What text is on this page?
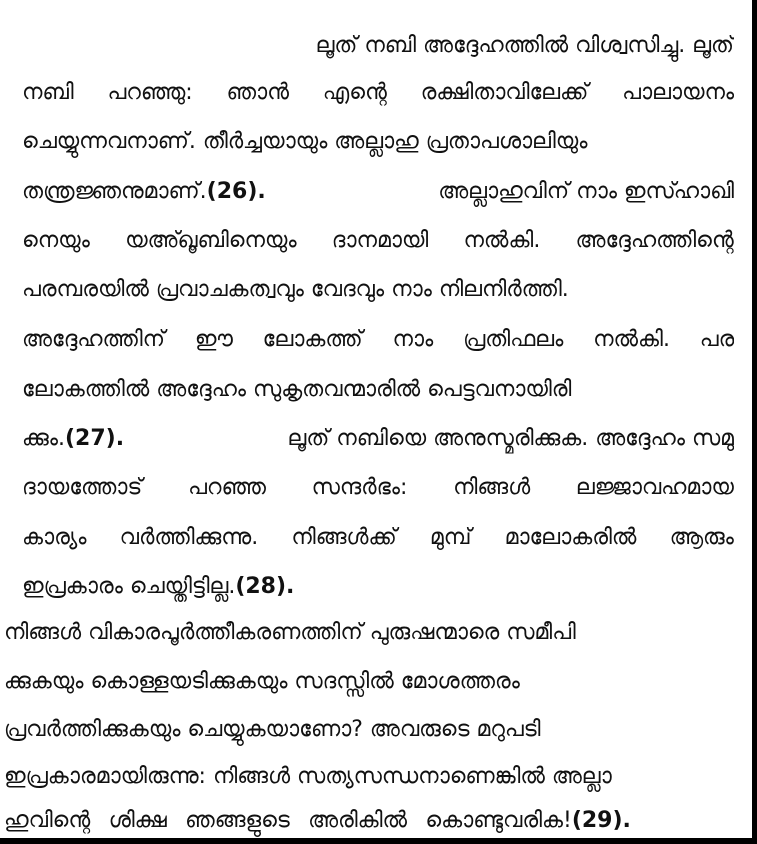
ലൂത് നബി അദ്ദേഹത്തിൽ വിശ്വസിച്ചു. ലൂത്
നബി പറഞ്ഞു: ഞാൻ എന്റെ രക്ഷിതാവിലേക്ക് പാലായനം
ചെയ്യുന്നവനാണ്. തീർച്ചയായും അല്ലാഹു പ്രതാപശാലിയും
തന്ത്രജ്ഞനുമാണ്.(26).	അല്ലാഹുവിന് നാം ഇസ്ഹാഖി
നെയും യഅ്ഖൂബിനെയും ദാനമായി നൽകി. അദ്ദേഹത്തിന്റെ
പരമ്പരയിൽ പ്രവാചകത്വവും വേദവും നാം നിലനിർത്തി.
അദ്ദേഹത്തിന് ഈ ലോകത്ത് നാം പ്രതിഫലം നൽകി. പര
ലോകത്തിൽ അദ്ദേഹം സുകൃതവന്മാരിൽ പെട്ടവനായിരി
ക്കും.(27).	ലൂത് നബിയെ അനുസ്മരിക്കുക. അദ്ദേഹം സമു
ദായത്തോട് പറഞ്ഞ സന്ദർഭം: നിങ്ങൾ ലജ്ജാവഹമായ
കാര്യം വർത്തിക്കുന്നു. നിങ്ങൾക്ക് മുമ്പ് മാലോകരിൽ ആരും
ഇപ്രകാരം ചെയ്തിട്ടില്ല.(28).
നിങ്ങൾ വികാരപൂർത്തീകരണത്തിന് പുരുഷന്മാരെ സമീപി
ക്കുകയും കൊള്ളയടിക്കുകയും സദസ്സിൽ മോശത്തരം
പ്രവർത്തിക്കുകയും ചെയ്യുകയാണോ? അവരുടെ മറുപടി
ഇപ്രകാരമായിരുന്നു: നിങ്ങൾ സത്യസന്ധനാണെങ്കിൽ അല്ലാ
ഹുവിന്റെ ശിക്ഷ ഞങ്ങളുടെ അരികിൽ കൊണ്ടുവരിക!(29).
